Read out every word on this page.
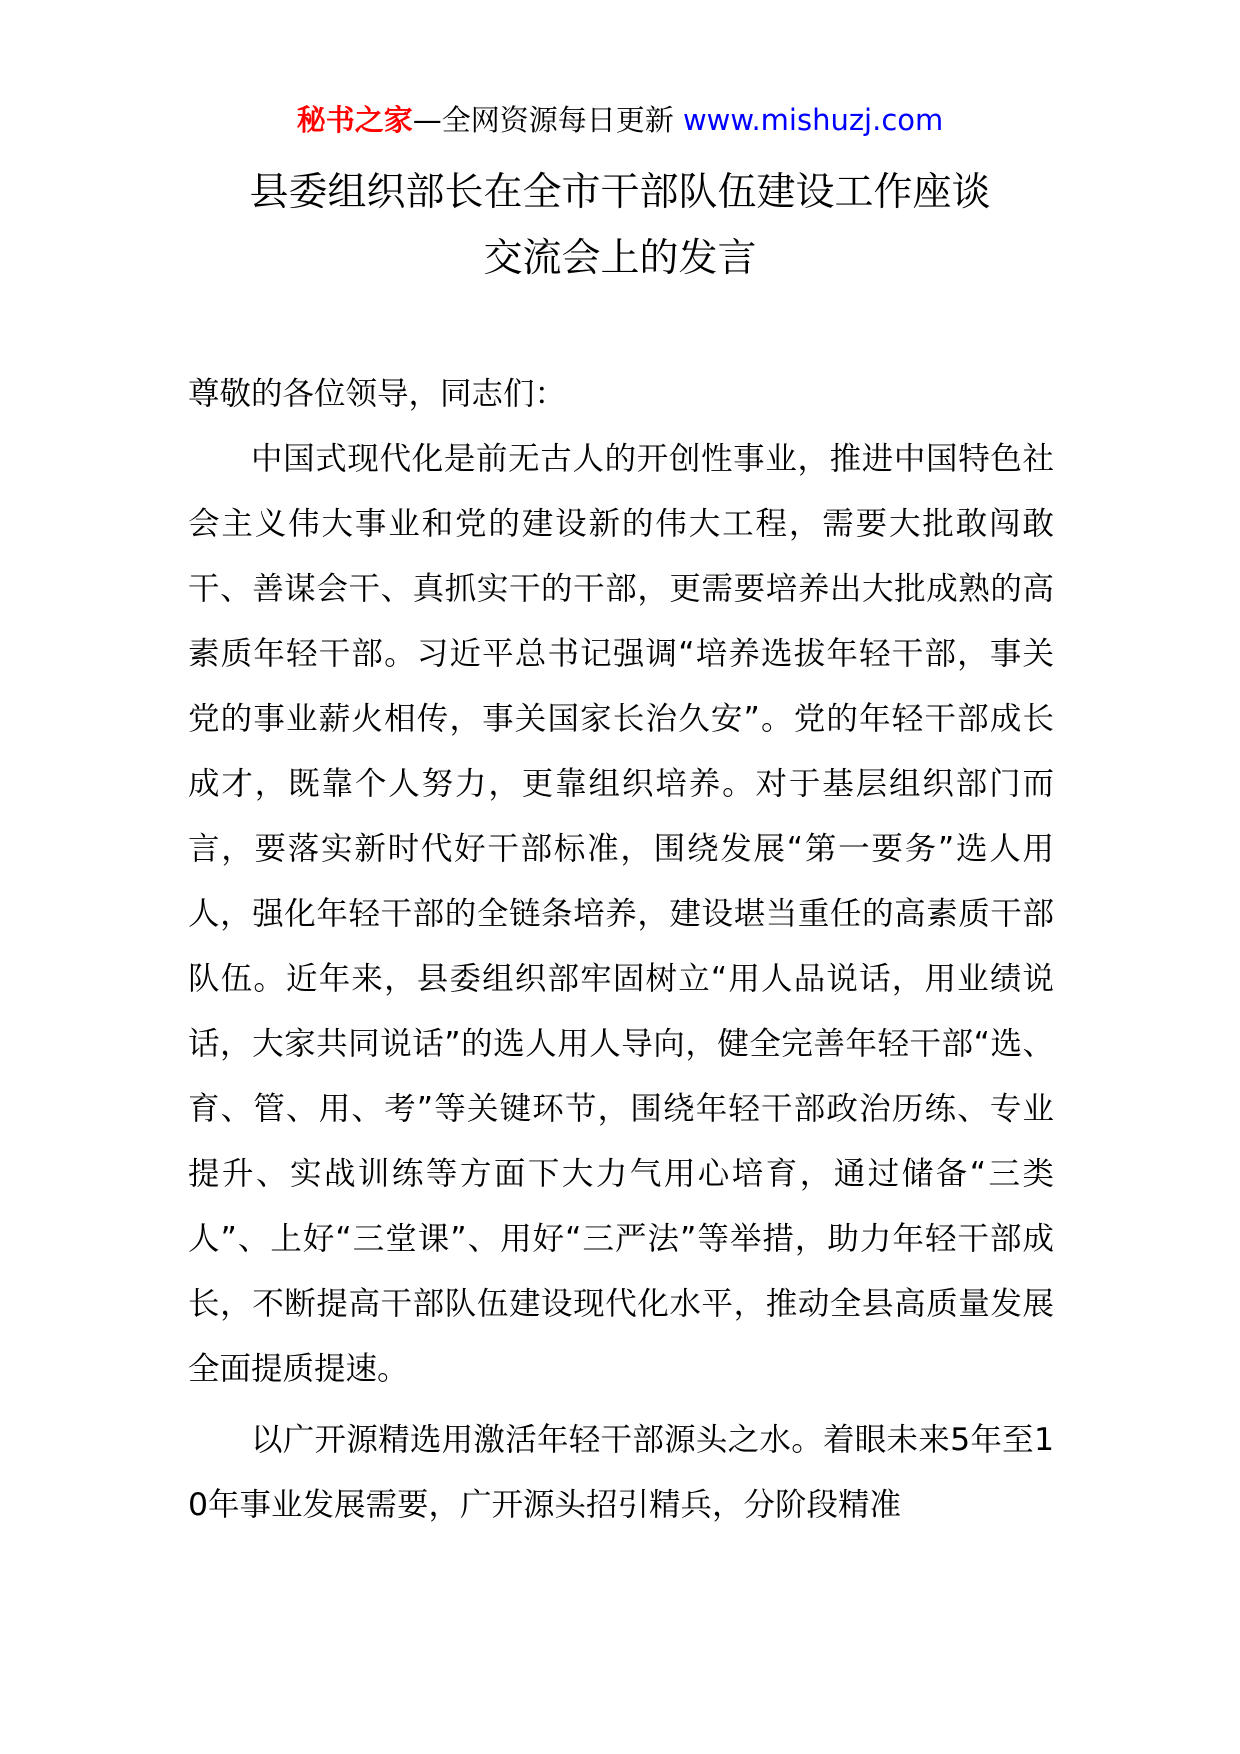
秘书之家—全网资源每日更新 www.mishuzj.com
县委组织部长在全市干部队伍建设工作座谈
交流会上的发言

尊敬的各位领导，同志们：

中国式现代化是前无古人的开创性事业，推进中国特色社会主义伟大事业和党的建设新的伟大工程，需要大批敢闯敢干、善谋会干、真抓实干的干部，更需要培养出大批成熟的高素质年轻干部。习近平总书记强调“培养选拔年轻干部，事关党的事业薪火相传，事关国家长治久安”。党的年轻干部成长成才，既靠个人努力，更靠组织培养。对于基层组织部门而言，要落实新时代好干部标准，围绕发展“第一要务”选人用人，强化年轻干部的全链条培养，建设堪当重任的高素质干部队伍。近年来，县委组织部牢固树立“用人品说话，用业绩说话，大家共同说话”的选人用人导向，健全完善年轻干部“选、育、管、用、考”等关键环节，围绕年轻干部政治历练、专业提升、实战训练等方面下大力气用心培育，通过储备“三类人”、上好“三堂课”、用好“三严法”等举措，助力年轻干部成长，不断提高干部队伍建设现代化水平，推动全县高质量发展全面提质提速。

以广开源精选用激活年轻干部源头之水。着眼未来5年至10年事业发展需要，广开源头招引精兵，分阶段精准
